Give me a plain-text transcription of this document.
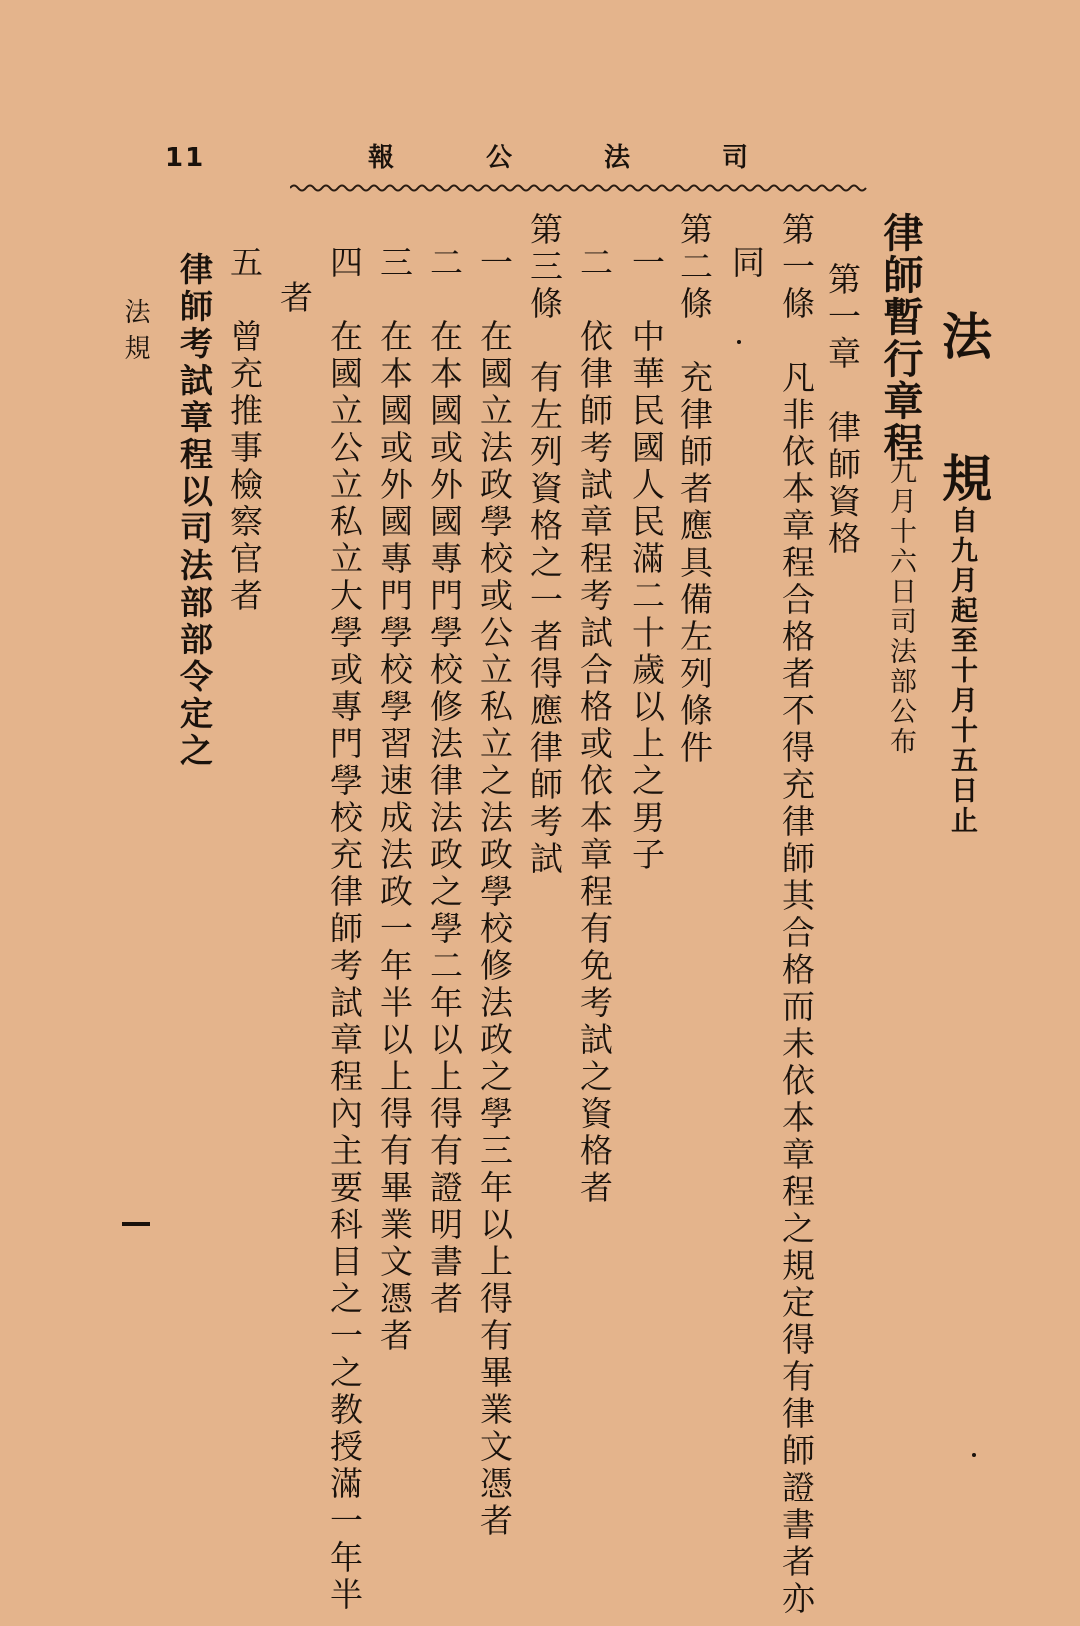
11	報	公	法	司
法
規
自九月起至十月十五日止
律師暫行章程
九月十六日司法部公布
第一章　律師資格
第一條　凡非依本章程合格者不得充律師其合格而未依本章程之規定得有律師證書者亦
同
第二條　充律師者應具備左列條件
一　中華民國人民滿二十歲以上之男子
二　依律師考試章程考試合格或依本章程有免考試之資格者
第三條　有左列資格之一者得應律師考試
一　在國立法政學校或公立私立之法政學校修法政之學三年以上得有畢業文憑者
二　在本國或外國專門學校修法律法政之學二年以上得有證明書者
三　在本國或外國專門學校學習速成法政一年半以上得有畢業文憑者
四　在國立公立私立大學或專門學校充律師考試章程內主要科目之一之教授滿一年半
者
五　曾充推事檢察官者
律師考試章程以司法部部令定之
法規
